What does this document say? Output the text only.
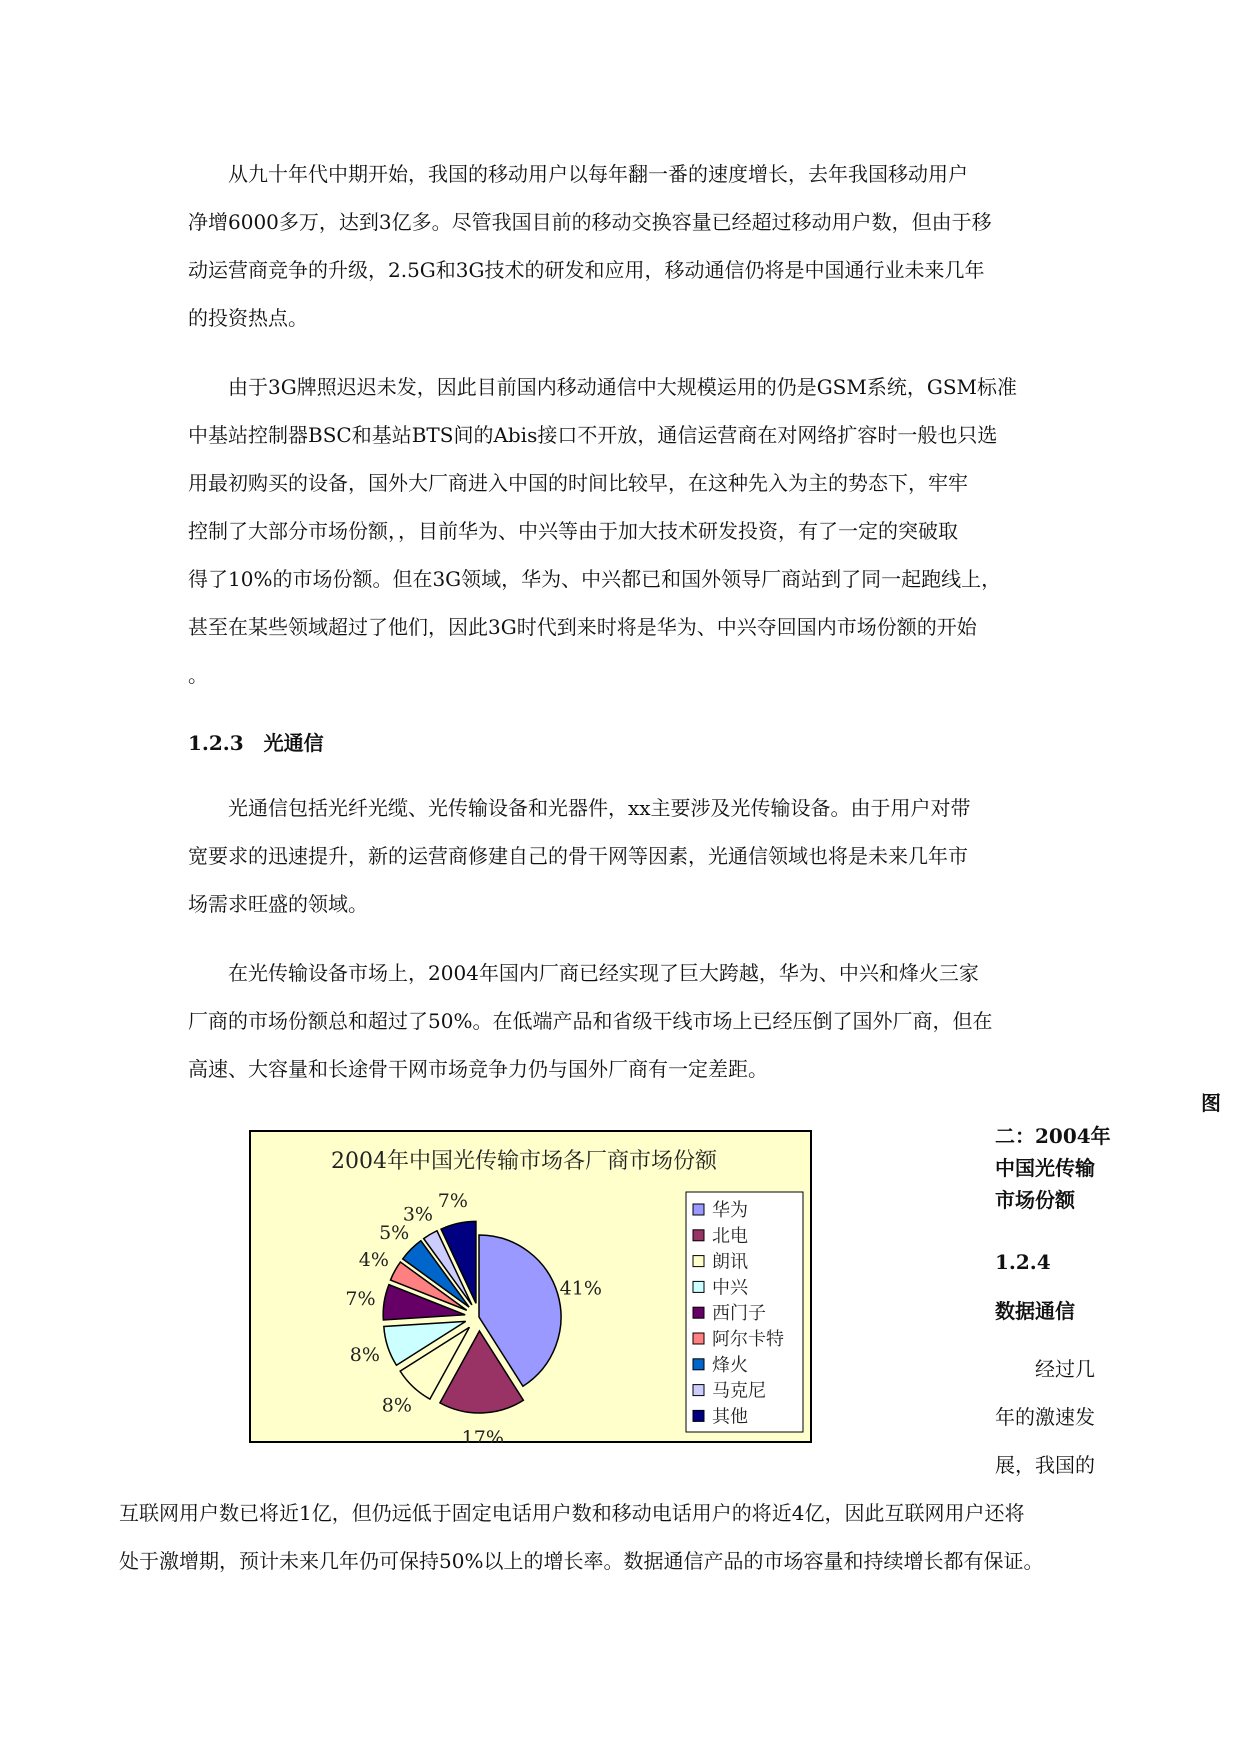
　　从九十年代中期开始，我国的移动用户以每年翻一番的速度增长，去年我国移动用户

净增6000多万，达到3亿多。尽管我国目前的移动交换容量已经超过移动用户数，但由于移

动运营商竞争的升级，2.5G和3G技术的研发和应用，移动通信仍将是中国通行业未来几年

的投资热点。

　　由于3G牌照迟迟未发，因此目前国内移动通信中大规模运用的仍是GSM系统，GSM标准

中基站控制器BSC和基站BTS间的Abis接口不开放，通信运营商在对网络扩容时一般也只选

用最初购买的设备，国外大厂商进入中国的时间比较早，在这种先入为主的势态下，牢牢

控制了大部分市场份额，，目前华为、中兴等由于加大技术研发投资，有了一定的突破取

得了10%的市场份额。但在3G领域，华为、中兴都已和国外领导厂商站到了同一起跑线上，

甚至在某些领域超过了他们，因此3G时代到来时将是华为、中兴夺回国内市场份额的开始

。

1.2.3　光通信

　　光通信包括光纤光缆、光传输设备和光器件，xx主要涉及光传输设备。由于用户对带

宽要求的迅速提升，新的运营商修建自己的骨干网等因素，光通信领域也将是未来几年市

场需求旺盛的领域。

　　在光传输设备市场上，2004年国内厂商已经实现了巨大跨越，华为、中兴和烽火三家

厂商的市场份额总和超过了50%。在低端产品和省级干线市场上已经压倒了国外厂商，但在

高速、大容量和长途骨干网市场竞争力仍与国外厂商有一定差距。

图
2004年中国光传输市场各厂商市场份额
41%
17%
8%
8%
7%
4%
5%
3%
7%	华为
北电
朗讯
中兴
西门子
阿尔卡特
烽火
马克尼
其他

二：2004年

中国光传输

市场份额

1.2.4

数据通信

　经过几

年的激速发

展，我国的

互联网用户数已将近1亿，但仍远低于固定电话用户数和移动电话用户的将近4亿，因此互联网用户还将

处于激增期，预计未来几年仍可保持50%以上的增长率。数据通信产品的市场容量和持续增长都有保证。
